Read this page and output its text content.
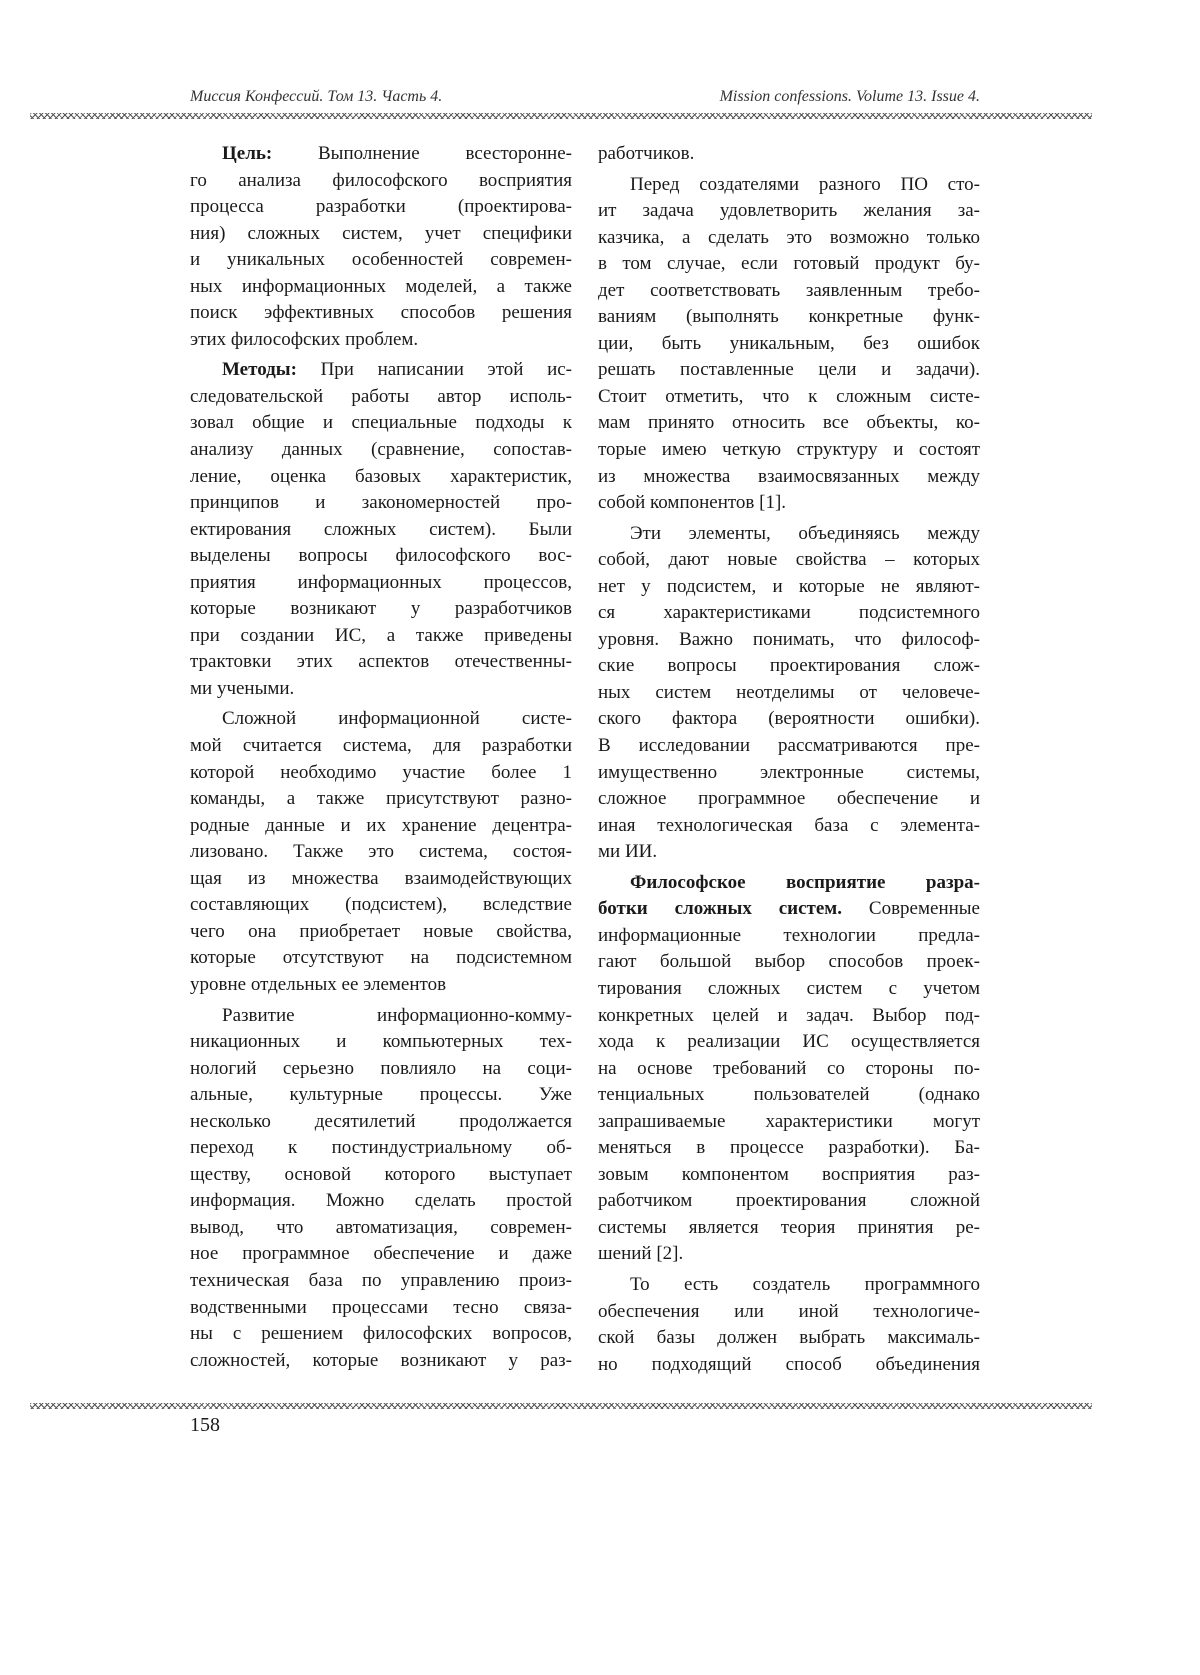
Миссия Конфессий. Том 13. Часть 4.	Mission confessions. Volume 13. Issue 4.
Цель: Выполнение всесторонне-
го анализа философского восприятия
процесса разработки (проектирова-
ния) сложных систем, учет специфики
и уникальных особенностей современ-
ных информационных моделей, а также
поиск эффективных способов решения
этих философских проблем.
Методы: При написании этой ис-
следовательской работы автор исполь-
зовал общие и специальные подходы к
анализу данных (сравнение, сопостав-
ление, оценка базовых характеристик,
принципов и закономерностей про-
ектирования сложных систем). Были
выделены вопросы философского вос-
приятия информационных процессов,
которые возникают у разработчиков
при создании ИС, а также приведены
трактовки этих аспектов отечественны-
ми учеными.
Сложной информационной систе-
мой считается система, для разработки
которой необходимо участие более 1
команды, а также присутствуют разно-
родные данные и их хранение децентра-
лизовано. Также это система, состоя-
щая из множества взаимодействующих
составляющих (подсистем), вследствие
чего она приобретает новые свойства,
которые отсутствуют на подсистемном
уровне отдельных ее элементов
Развитие информационно-комму-
никационных и компьютерных тех-
нологий серьезно повлияло на соци-
альные, культурные процессы. Уже
несколько десятилетий продолжается
переход к постиндустриальному об-
ществу, основой которого выступает
информация. Можно сделать простой
вывод, что автоматизация, современ-
ное программное обеспечение и даже
техническая база по управлению произ-
водственными процессами тесно связа-
ны с решением философских вопросов,
сложностей, которые возникают у раз-
работчиков.
Перед создателями разного ПО сто-
ит задача удовлетворить желания за-
казчика, а сделать это возможно только
в том случае, если готовый продукт бу-
дет соответствовать заявленным требо-
ваниям (выполнять конкретные функ-
ции, быть уникальным, без ошибок
решать поставленные цели и задачи).
Стоит отметить, что к сложным систе-
мам принято относить все объекты, ко-
торые имею четкую структуру и состоят
из множества взаимосвязанных между
собой компонентов [1].
Эти элементы, объединяясь между
собой, дают новые свойства – которых
нет у подсистем, и которые не являют-
ся характеристиками подсистемного
уровня. Важно понимать, что философ-
ские вопросы проектирования слож-
ных систем неотделимы от человече-
ского фактора (вероятности ошибки).
В исследовании рассматриваются пре-
имущественно электронные системы,
сложное программное обеспечение и
иная технологическая база с элемента-
ми ИИ.
Философское восприятие разра-
ботки сложных систем. Современные
информационные технологии предла-
гают большой выбор способов проек-
тирования сложных систем с учетом
конкретных целей и задач. Выбор под-
хода к реализации ИС осуществляется
на основе требований со стороны по-
тенциальных пользователей (однако
запрашиваемые характеристики могут
меняться в процессе разработки). Ба-
зовым компонентом восприятия раз-
работчиком проектирования сложной
системы является теория принятия ре-
шений [2].
То есть создатель программного
обеспечения или иной технологиче-
ской базы должен выбрать максималь-
но подходящий способ объединения
158
